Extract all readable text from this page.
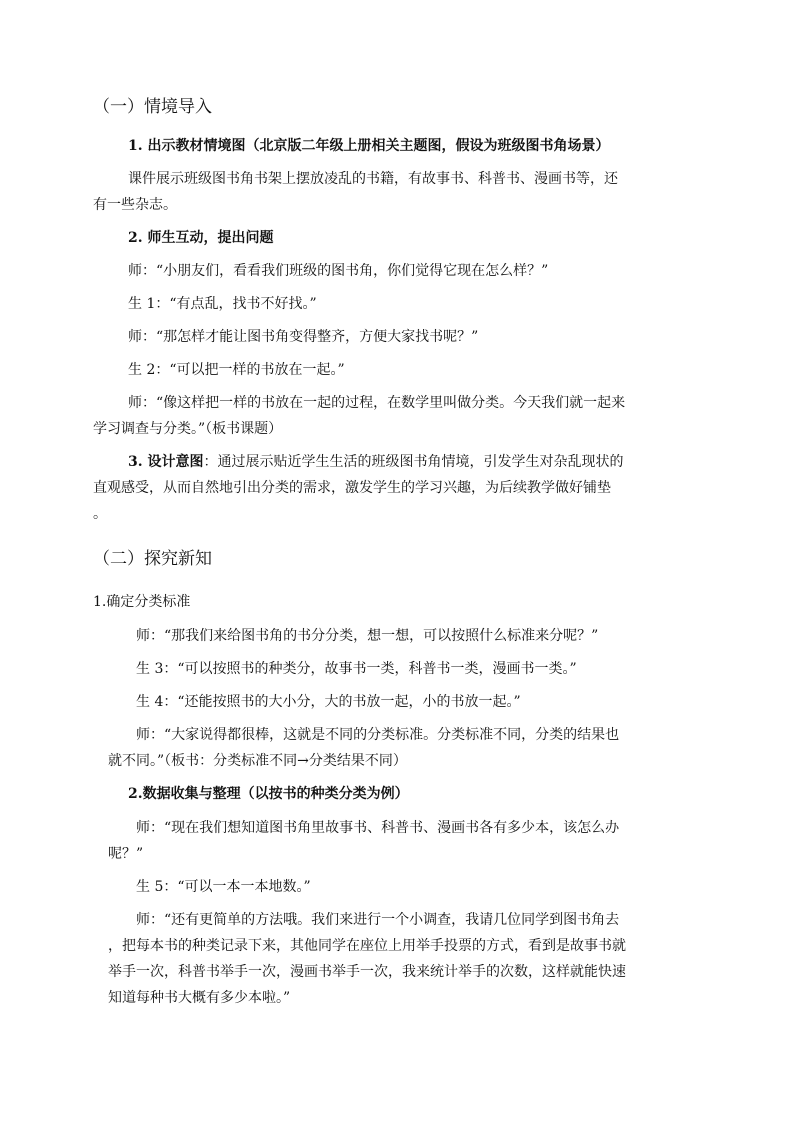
（一）情境导入
1. 出示教材情境图（北京版二年级上册相关主题图，假设为班级图书角场景）
课件展示班级图书角书架上摆放凌乱的书籍，有故事书、科普书、漫画书等，还
有一些杂志。
2. 师生互动，提出问题
师：“小朋友们，看看我们班级的图书角，你们觉得它现在怎么样？”
生 1：“有点乱，找书不好找。”
师：“那怎样才能让图书角变得整齐，方便大家找书呢？”
生 2：“可以把一样的书放在一起。”
师：“像这样把一样的书放在一起的过程，在数学里叫做分类。今天我们就一起来
学习调查与分类。”（板书课题）
3. 设计意图：通过展示贴近学生生活的班级图书角情境，引发学生对杂乱现状的
直观感受，从而自然地引出分类的需求，激发学生的学习兴趣，为后续教学做好铺垫
。
（二）探究新知
1.确定分类标准
师：“那我们来给图书角的书分分类，想一想，可以按照什么标准来分呢？”
生 3：“可以按照书的种类分，故事书一类，科普书一类，漫画书一类。”
生 4：“还能按照书的大小分，大的书放一起，小的书放一起。”
师：“大家说得都很棒，这就是不同的分类标准。分类标准不同，分类的结果也
就不同。”（板书：分类标准不同→分类结果不同）
2.数据收集与整理（以按书的种类分类为例）
师：“现在我们想知道图书角里故事书、科普书、漫画书各有多少本，该怎么办
呢？”
生 5：“可以一本一本地数。”
师：“还有更简单的方法哦。我们来进行一个小调查，我请几位同学到图书角去
，把每本书的种类记录下来，其他同学在座位上用举手投票的方式，看到是故事书就
举手一次，科普书举手一次，漫画书举手一次，我来统计举手的次数，这样就能快速
知道每种书大概有多少本啦。”
